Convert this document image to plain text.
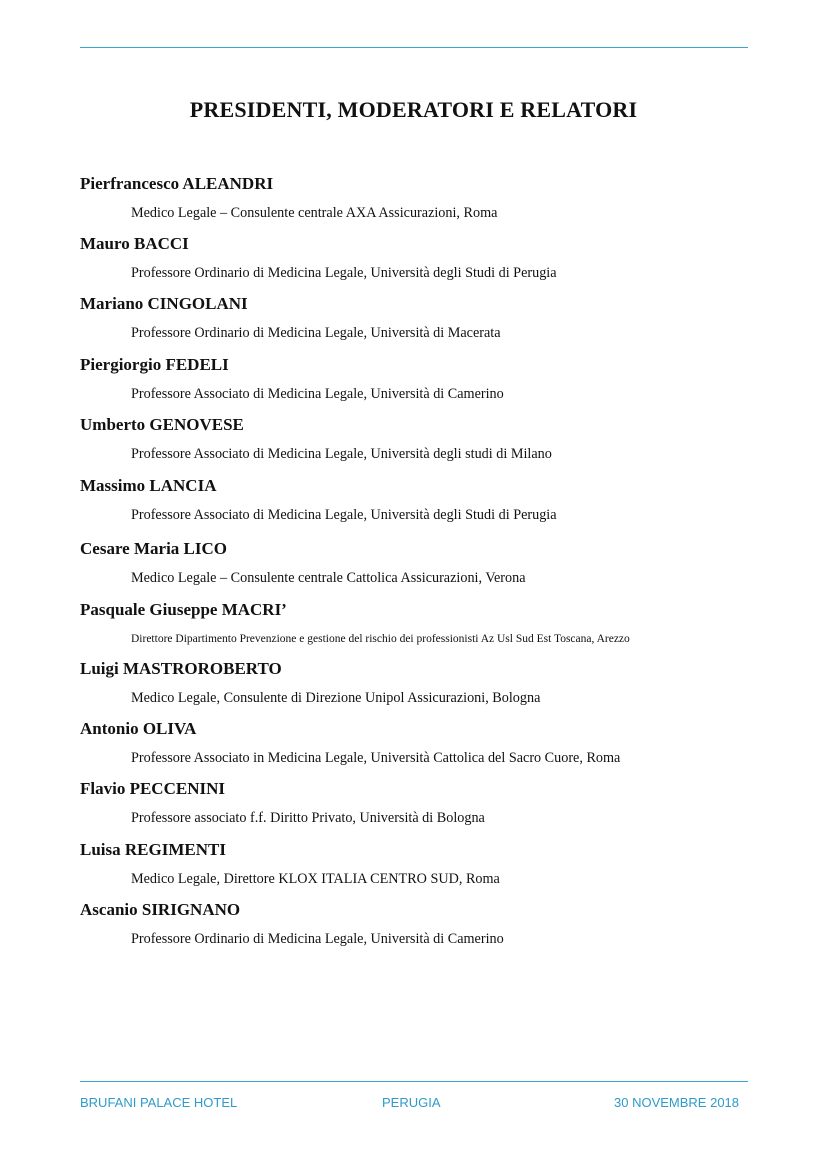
PRESIDENTI, MODERATORI E RELATORI
Pierfrancesco ALEANDRI
Medico Legale – Consulente centrale AXA Assicurazioni, Roma
Mauro BACCI
Professore Ordinario di Medicina Legale, Università degli Studi di Perugia
Mariano CINGOLANI
Professore Ordinario di Medicina Legale, Università di Macerata
Piergiorgio FEDELI
Professore Associato di Medicina Legale, Università di Camerino
Umberto GENOVESE
Professore Associato di Medicina Legale, Università degli studi di Milano
Massimo LANCIA
Professore Associato di Medicina Legale, Università degli Studi di Perugia
Cesare Maria LICO
Medico Legale – Consulente centrale Cattolica Assicurazioni, Verona
Pasquale Giuseppe MACRI’
Direttore Dipartimento Prevenzione e gestione del rischio dei professionisti Az Usl Sud Est Toscana, Arezzo
Luigi MASTROROBERTO
Medico Legale, Consulente di Direzione Unipol Assicurazioni, Bologna
Antonio OLIVA
Professore Associato in Medicina Legale, Università Cattolica del Sacro Cuore, Roma
Flavio PECCENINI
Professore associato f.f. Diritto Privato, Università di Bologna
Luisa REGIMENTI
Medico Legale, Direttore KLOX ITALIA CENTRO SUD, Roma
Ascanio SIRIGNANO
Professore Ordinario di Medicina Legale, Università di Camerino
BRUFANI PALACE HOTEL	PERUGIA	30 NOVEMBRE 2018
